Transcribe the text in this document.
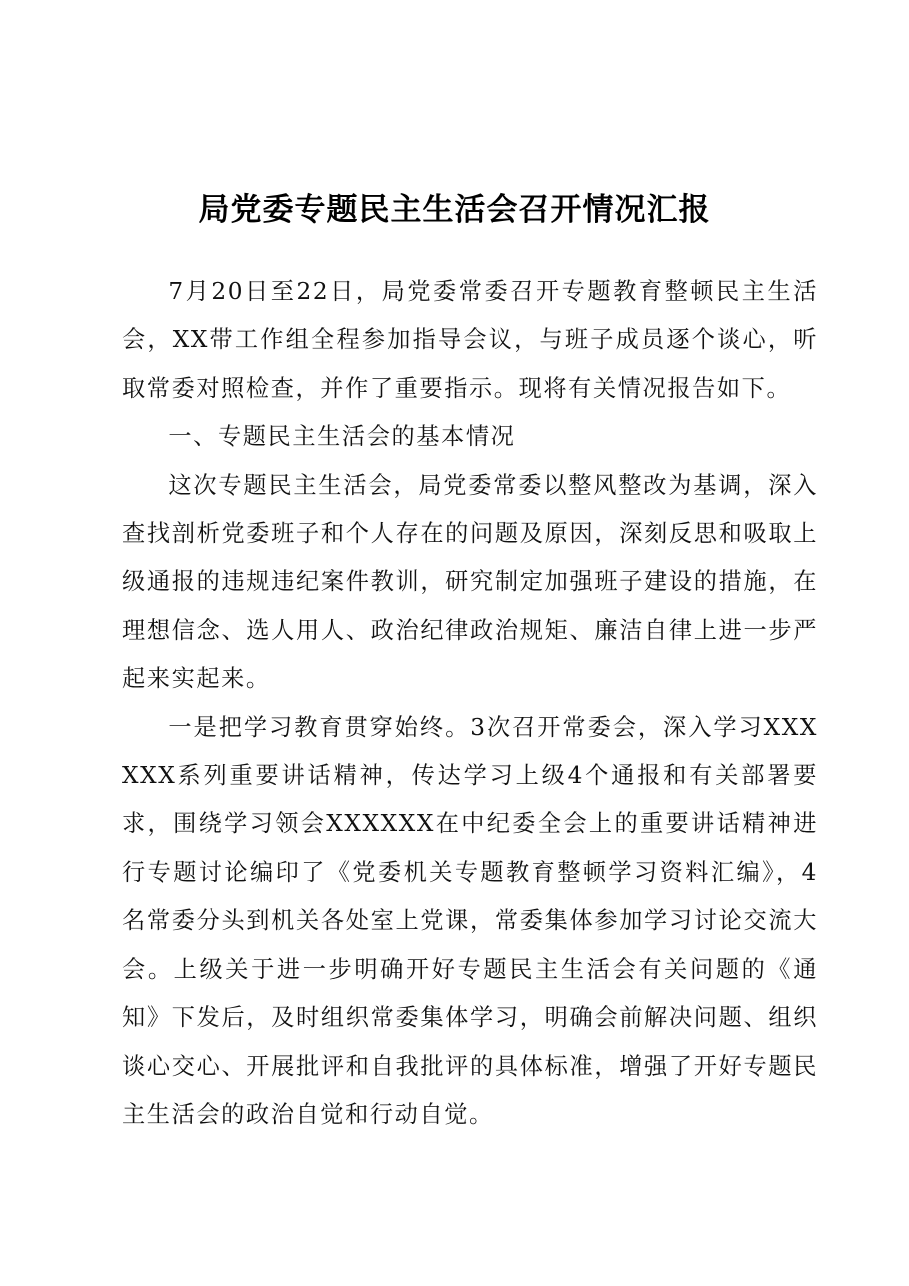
局党委专题民主生活会召开情况汇报

7月20日至22日，局党委常委召开专题教育整顿民主生活会，XX带工作组全程参加指导会议，与班子成员逐个谈心，听取常委对照检查，并作了重要指示。现将有关情况报告如下。

一、专题民主生活会的基本情况

这次专题民主生活会，局党委常委以整风整改为基调，深入查找剖析党委班子和个人存在的问题及原因，深刻反思和吸取上级通报的违规违纪案件教训，研究制定加强班子建设的措施，在理想信念、选人用人、政治纪律政治规矩、廉洁自律上进一步严起来实起来。

一是把学习教育贯穿始终。3次召开常委会，深入学习XXXXXX系列重要讲话精神，传达学习上级4个通报和有关部署要求，围绕学习领会XXXXXX在中纪委全会上的重要讲话精神进行专题讨论编印了《党委机关专题教育整顿学习资料汇编》，4名常委分头到机关各处室上党课，常委集体参加学习讨论交流大会。上级关于进一步明确开好专题民主生活会有关问题的《通知》下发后，及时组织常委集体学习，明确会前解决问题、组织谈心交心、开展批评和自我批评的具体标准，增强了开好专题民主生活会的政治自觉和行动自觉。
